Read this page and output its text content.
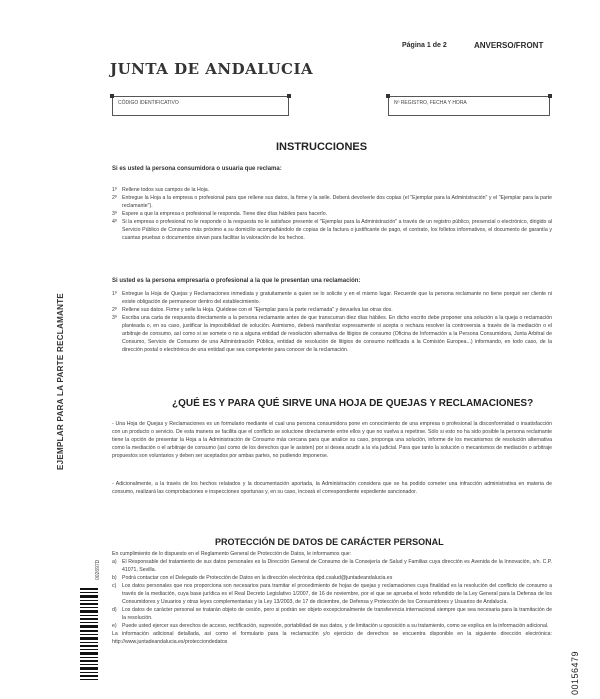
Página 1 de 2	ANVERSO/FRONT
JUNTA DE ANDALUCIA
CÓDIGO IDENTIFICATIVO	Nº REGISTRO, FECHA Y HORA
INSTRUCCIONES
Si es usted la persona consumidora o usuaria que reclama:
1º	Rellene todos sus campos de la Hoja.
2º	Entregue la Hoja a la empresa o profesional para que rellene sus datos, la firme y la selle. Deberá devolverle dos copias (el "Ejemplar para la Administración" y el "Ejemplar para la parte reclamante").
3º	Espere a que la empresa o profesional le responda. Tiene diez días hábiles para hacerlo.
4º	Si la empresa o profesional no le responde o la respuesta no le satisface presente el "Ejemplar para la Administración" a través de un registro público, presencial o electrónico, dirigido al Servicio Público de Consumo más próximo a su domicilio acompañándolo de copias de la factura o justificante de pago, el contrato, los folletos informativos, el documento de garantía y cuantas pruebas o documentos sirvan para facilitar la valoración de los hechos.
Si usted es la persona empresaria o profesional a la que le presentan una reclamación:
1º	Entregue la Hoja de Quejas y Reclamaciones inmediata y gratuitamente a quien se lo solicite y en el mismo lugar. Recuerde que la persona reclamante no tiene porqué ser cliente ni existe obligación de permanecer dentro del establecimiento.
2º	Rellene sus datos. Firme y selle la Hoja. Quédese con el "Ejemplar para la parte reclamada" y devuelva las otras dos.
3º	Escriba una carta de respuesta directamente a la persona reclamante antes de que transcurran diez días hábiles. En dicho escrito debe proponer una solución a la queja o reclamación planteada o, en su caso, justificar la imposibilidad de solución. Asimismo, deberá manifestar expresamente si acepta o rechaza resolver la controversia a través de la mediación o el arbitraje de consumo, así como si se somete o no a alguna entidad de resolución alternativa de litigios de consumo (Oficina de Información a la Persona Consumidora, Junta Arbitral de Consumo, Servicio de Consumo de una Administración Pública, entidad de resolución de litigios de consumo notificada a la Comisión Europea...) informando, en todo caso, de la dirección postal o electrónica de una entidad que sea competente para conocer de la reclamación.
¿QUÉ ES Y PARA QUÉ SIRVE UNA HOJA DE QUEJAS Y RECLAMACIONES?

- Una Hoja de Quejas y Reclamaciones es un formulario mediante el cual una persona consumidora pone en conocimiento de una empresa o profesional la disconformidad o insatisfacción con un producto o servicio. De esta manera se facilita que el conflicto se solucione directamente entre ellos y que no vuelva a repetirse. Sólo si esto no ha sido posible la persona reclamante tiene la opción de presentar la Hoja a la Administración de Consumo más cercana para que analice su caso, proponga una solución, informe de los mecanismos de resolución alternativa como la mediación o el arbitraje de consumo (así como de los derechos que le asisten) por si desea acudir a la vía judicial. Para que tanto la solución o mecanismos de mediación o arbitraje propuestos son voluntarios y deben ser aceptados por ambas partes, no pudiendo imponerse.

- Adicionalmente, a la través de los hechos relatados y la documentación aportada, la Administración considera que se ha podido cometer una infracción administrativa en materia de consumo, realizará las comprobaciones e inspecciones oportunas y, en su caso, incoará el correspondiente expediente sancionador.

PROTECCIÓN DE DATOS DE CARÁCTER PERSONAL

En cumplimiento de lo dispuesto en el Reglamento General de Protección de Datos, le informamos que:

a)	El Responsable del tratamiento de sus datos personales es la Dirección General de Consumo de la Consejería de Salud y Familias cuya dirección es Avenida de la Innovación, s/n. C.P. 41071, Sevilla.
b)	Podrá contactar con el Delegado de Protección de Datos en la dirección electrónica dpd.csalud@juntadeandalucia.es
c)	Los datos personales que nos proporciona son necesarios para tramitar el procedimiento de hojas de quejas y reclamaciones cuya finalidad es la resolución del conflicto de consumo a través de la mediación, cuya base jurídica es el Real Decreto Legislativo 1/2007, de 16 de noviembre, por el que se aprueba el texto refundido de la Ley General para la Defensa de los Consumidores y Usuarios y otras leyes complementarias y la Ley 13/2003, de 17 de diciembre, de Defensa y Protección de los Consumidores y Usuarios de Andalucía.
d)	Los datos de carácter personal se tratarán objeto de cesión, pero si podrán ser objeto excepcionalmente de transferencia internacional siempre que sea necesaria para la tramitación de la resolución.
e)	Puede usted ejercer sus derechos de acceso, rectificación, supresión, portabilidad de sus datos, y de limitación u oposición a su tratamiento, como se explica en la información adicional.

La información adicional detallada, así como el formulario para la reclamación y/o ejercicio de derechos se encuentra disponible en la siguiente dirección electrónica: http://www.juntadeandalucia.es/protecciondedatos

EJEMPLAR PARA LA PARTE RECLAMANTE
002697D
00156479
